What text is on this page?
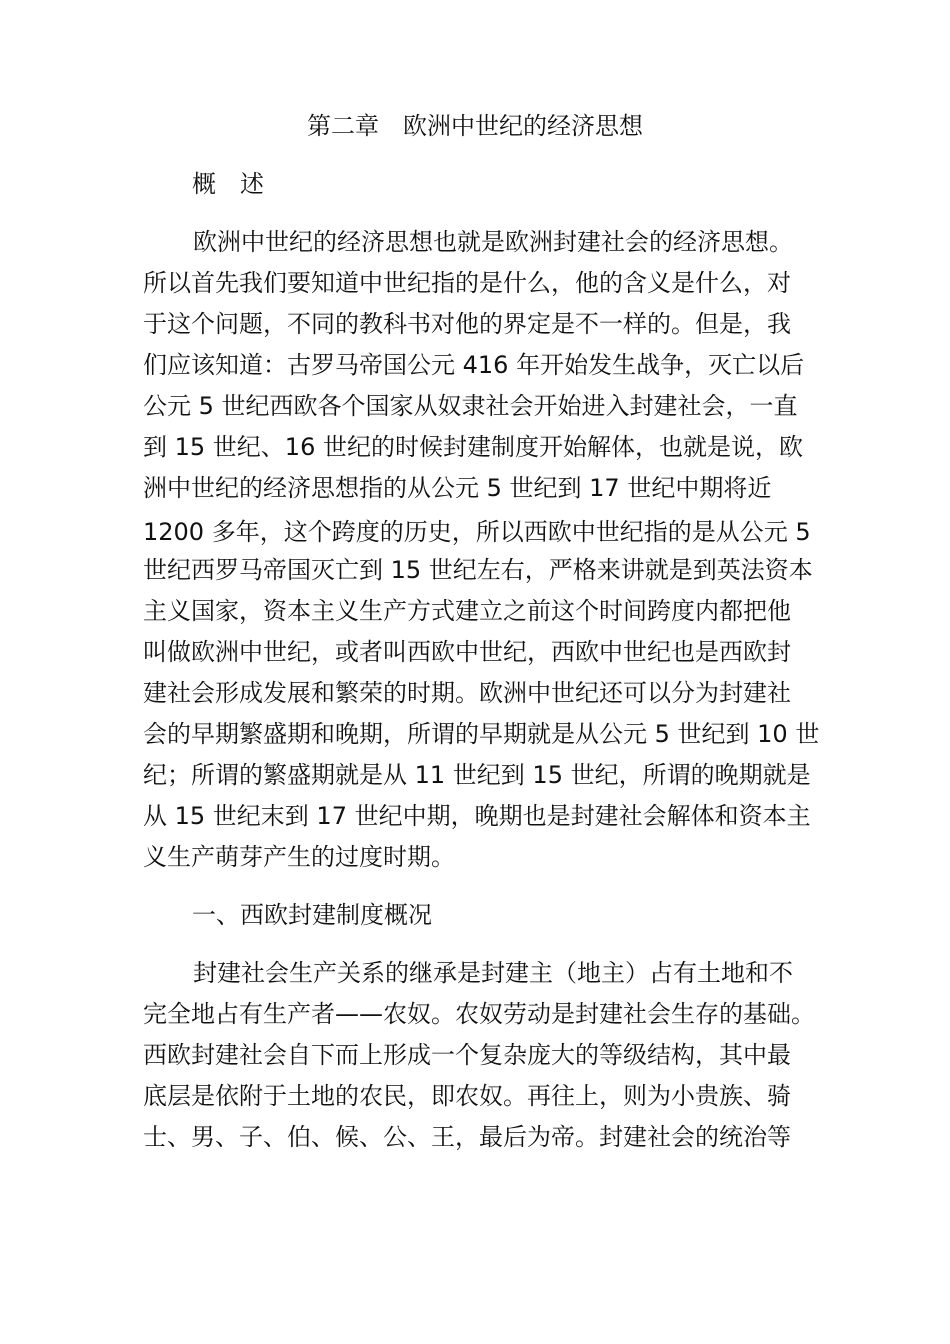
第二章　欧洲中世纪的经济思想
概　述
欧洲中世纪的经济思想也就是欧洲封建社会的经济思想。
所以首先我们要知道中世纪指的是什么，他的含义是什么，对
于这个问题，不同的教科书对他的界定是不一样的。但是，我
们应该知道：古罗马帝国公元 416 年开始发生战争，灭亡以后
公元 5 世纪西欧各个国家从奴隶社会开始进入封建社会，一直
到 15 世纪、16 世纪的时候封建制度开始解体，也就是说，欧
洲中世纪的经济思想指的从公元 5 世纪到 17 世纪中期将近
1200 多年，这个跨度的历史，所以西欧中世纪指的是从公元 5
世纪西罗马帝国灭亡到 15 世纪左右，严格来讲就是到英法资本
主义国家，资本主义生产方式建立之前这个时间跨度内都把他
叫做欧洲中世纪，或者叫西欧中世纪，西欧中世纪也是西欧封
建社会形成发展和繁荣的时期。欧洲中世纪还可以分为封建社
会的早期繁盛期和晚期，所谓的早期就是从公元 5 世纪到 10 世
纪；所谓的繁盛期就是从 11 世纪到 15 世纪，所谓的晚期就是
从 15 世纪末到 17 世纪中期，晚期也是封建社会解体和资本主
义生产萌芽产生的过度时期。
一、西欧封建制度概况
封建社会生产关系的继承是封建主（地主）占有土地和不
完全地占有生产者——农奴。农奴劳动是封建社会生存的基础。
西欧封建社会自下而上形成一个复杂庞大的等级结构，其中最
底层是依附于土地的农民，即农奴。再往上，则为小贵族、骑
士、男、子、伯、候、公、王，最后为帝。封建社会的统治等
